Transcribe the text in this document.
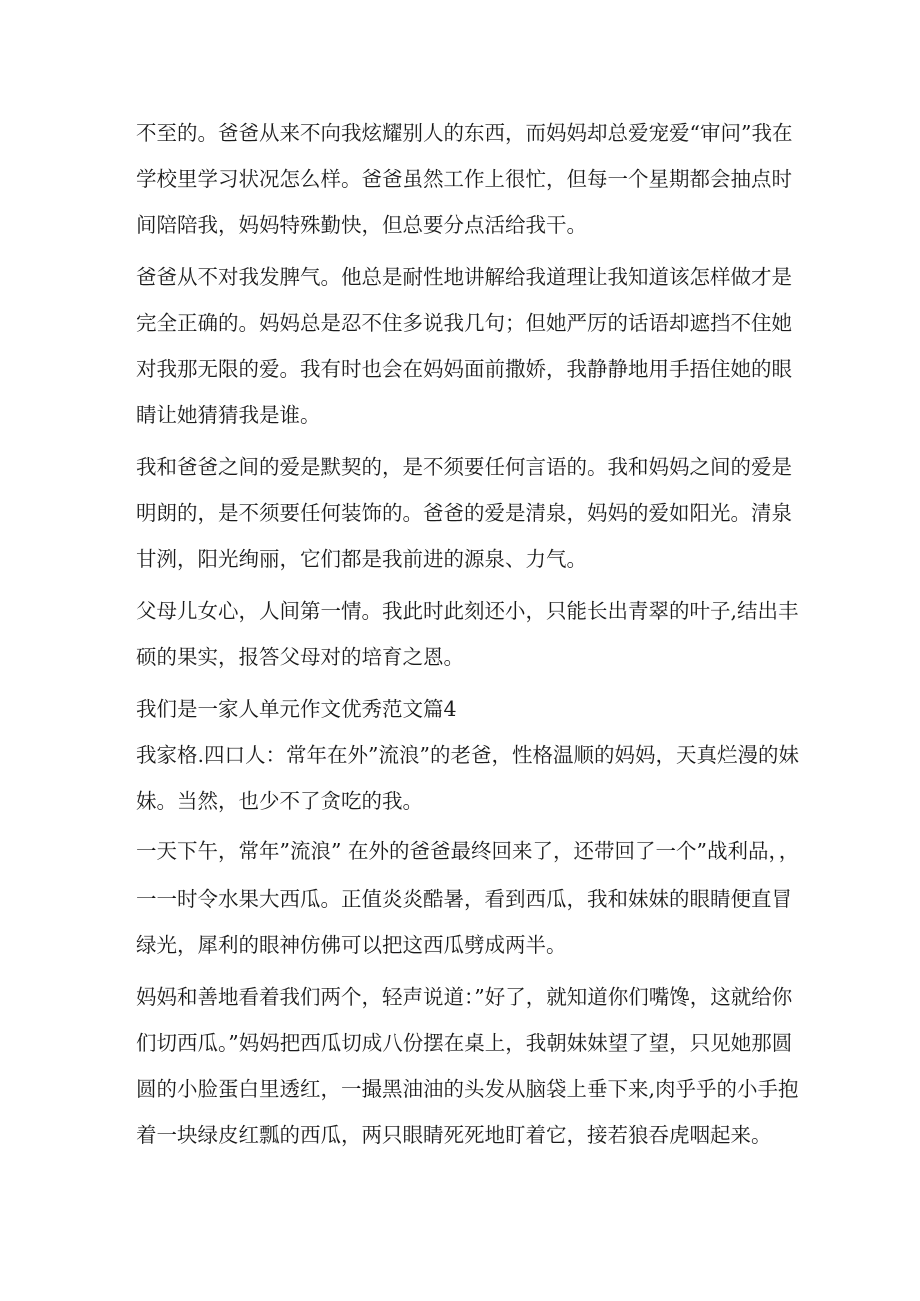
不至的。爸爸从来不向我炫耀别人的东西，而妈妈却总爱宠爱“审问”我在

学校里学习状况怎么样。爸爸虽然工作上很忙，但每一个星期都会抽点时

间陪陪我，妈妈特殊勤快，但总要分点活给我干。

爸爸从不对我发脾气。他总是耐性地讲解给我道理让我知道该怎样做才是

完全正确的。妈妈总是忍不住多说我几句；但她严厉的话语却遮挡不住她

对我那无限的爱。我有时也会在妈妈面前撒娇，我静静地用手捂住她的眼

睛让她猜猜我是谁。

我和爸爸之间的爱是默契的，是不须要任何言语的。我和妈妈之间的爱是

明朗的，是不须要任何装饰的。爸爸的爱是清泉，妈妈的爱如阳光。清泉

甘洌，阳光绚丽，它们都是我前进的源泉、力气。

父母儿女心，人间第一情。我此时此刻还小，只能长出青翠的叶子,结出丰

硕的果实，报答父母对的培育之恩。

我们是一家人单元作文优秀范文篇4

我家格.四口人：常年在外”流浪”的老爸，性格温顺的妈妈，天真烂漫的妹

妹。当然，也少不了贪吃的我。

一天下午，常年”流浪” 在外的爸爸最终回来了，还带回了一个”战利品，，

一一时令水果大西瓜。正值炎炎酷暑，看到西瓜，我和妹妹的眼睛便直冒

绿光，犀利的眼神仿佛可以把这西瓜劈成两半。

妈妈和善地看着我们两个，轻声说道：”好了，就知道你们嘴馋，这就给你

们切西瓜。”妈妈把西瓜切成八份摆在桌上，我朝妹妹望了望，只见她那圆

圆的小脸蛋白里透红，一撮黑油油的头发从脑袋上垂下来,肉乎乎的小手抱

着一块绿皮红瓢的西瓜，两只眼睛死死地盯着它，接若狼吞虎咽起来。
